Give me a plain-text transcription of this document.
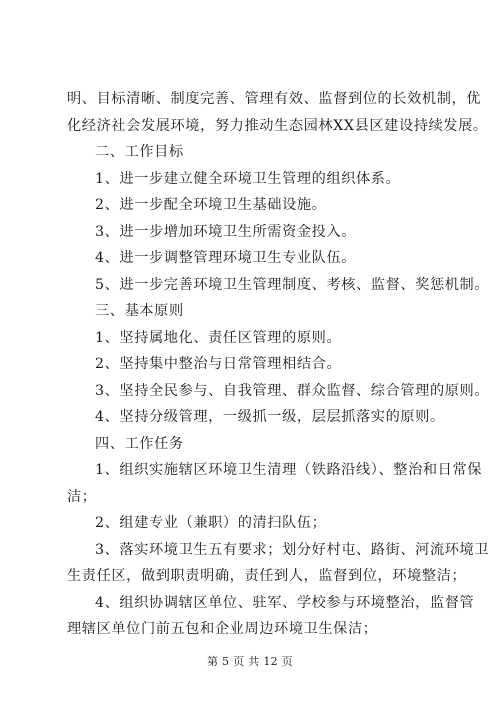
明、目标清晰、制度完善、管理有效、监督到位的长效机制，优
化经济社会发展环境，努力推动生态园林XX县区建设持续发展。
二、工作目标
1、进一步建立健全环境卫生管理的组织体系。
2、进一步配全环境卫生基础设施。
3、进一步增加环境卫生所需资金投入。
4、进一步调整管理环境卫生专业队伍。
5、进一步完善环境卫生管理制度、考核、监督、奖惩机制。
三、基本原则
1、坚持属地化、责任区管理的原则。
2、坚持集中整治与日常管理相结合。
3、坚持全民参与、自我管理、群众监督、综合管理的原则。
4、坚持分级管理，一级抓一级，层层抓落实的原则。
四、工作任务
1、组织实施辖区环境卫生清理（铁路沿线）、整治和日常保
洁；
2、组建专业（兼职）的清扫队伍；
3、落实环境卫生五有要求；划分好村屯、路街、河流环境卫
生责任区，做到职责明确，责任到人，监督到位，环境整洁；
4、组织协调辖区单位、驻军、学校参与环境整治，监督管
理辖区单位门前五包和企业周边环境卫生保洁；
第 5 页 共 12 页
